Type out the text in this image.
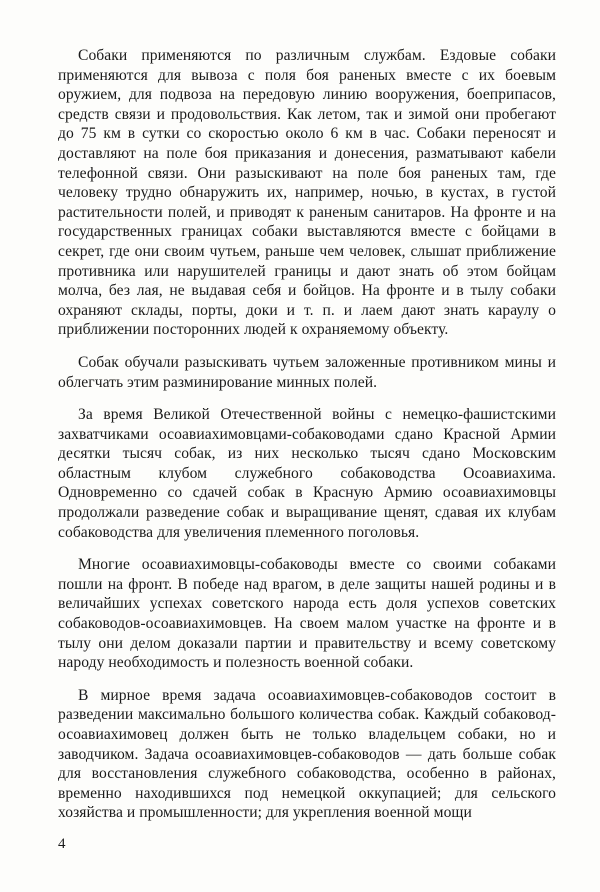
Собаки применяются по различным службам. Ездовые собаки применяются для вывоза с поля боя раненых вместе с их боевым оружием, для подвоза на передовую линию вооружения, боеприпасов, средств связи и продовольствия. Как летом, так и зимой они пробегают до 75 км в сутки со скоростью около 6 км в час. Собаки переносят и доставляют на поле боя приказания и донесения, разматывают кабели телефонной связи. Они разыскивают на поле боя раненых там, где человеку трудно обнаружить их, например, ночью, в кустах, в густой растительности полей, и приводят к раненым санитаров. На фронте и на государственных границах собаки выставляются вместе с бойцами в секрет, где они своим чутьем, раньше чем человек, слышат приближение противника или нарушителей границы и дают знать об этом бойцам молча, без лая, не выдавая себя и бойцов. На фронте и в тылу собаки охраняют склады, порты, доки и т. п. и лаем дают знать караулу о приближении посторонних людей к охраняемому объекту.

Собак обучали разыскивать чутьем заложенные противником мины и облегчать этим разминирование минных полей.

За время Великой Отечественной войны с немецко-фашистскими захватчиками осоавиахимовцами-собаководами сдано Красной Армии десятки тысяч собак, из них несколько тысяч сдано Московским областным клубом служебного собаководства Осоавиахима. Одновременно со сдачей собак в Красную Армию осоавиахимовцы продолжали разведение собак и выращивание щенят, сдавая их клубам собаководства для увеличения племенного поголовья.

Многие осоавиахимовцы-собаководы вместе со своими собаками пошли на фронт. В победе над врагом, в деле защиты нашей родины и в величайших успехах советского народа есть доля успехов советских собаководов-осоавиахимовцев. На своем малом участке на фронте и в тылу они делом доказали партии и правительству и всему советскому народу необходимость и полезность военной собаки.

В мирное время задача осоавиахимовцев-собаководов состоит в разведении максимально большого количества собак. Каждый собаковод-осоавиахимовец должен быть не только владельцем собаки, но и заводчиком. Задача осоавиахимовцев-собаководов — дать больше собак для восстановления служебного собаководства, особенно в районах, временно находившихся под немецкой оккупацией; для сельского хозяйства и промышленности; для укрепления военной мощи

4
